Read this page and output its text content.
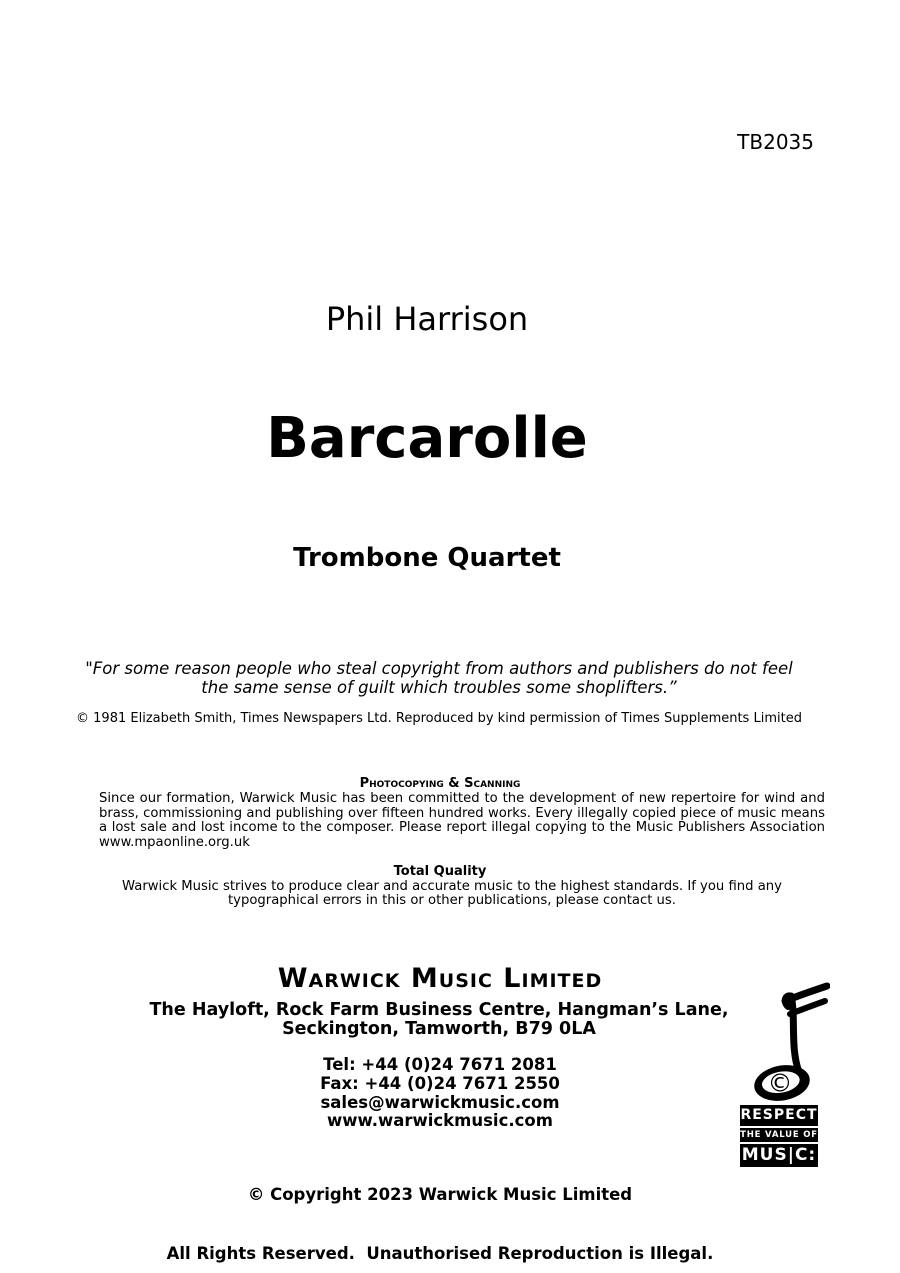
TB2035
Phil Harrison
Barcarolle
Trombone Quartet
"For some reason people who steal copyright from authors and publishers do not feel
the same sense of guilt which troubles some shoplifters.”
© 1981 Elizabeth Smith, Times Newspapers Ltd. Reproduced by kind permission of Times Supplements Limited
Photocopying & Scanning
Since our formation, Warwick Music has been committed to the development of new repertoire for wind and brass, commissioning and publishing over fifteen hundred works. Every illegally copied piece of music means a lost sale and lost income to the composer. Please report illegal copying to the Music Publishers Association www.mpaonline.org.uk
Total Quality
Warwick Music strives to produce clear and accurate music to the highest standards. If you find any typographical errors in this or other publications, please contact us.
Warwick Music Limited
The Hayloft, Rock Farm Business Centre, Hangman’s Lane,
Seckington, Tamworth, B79 0LA
Tel: +44 (0)24 7671 2081
Fax: +44 (0)24 7671 2550
sales@warwickmusic.com
www.warwickmusic.com

© Copyright 2023 Warwick Music Limited

All Rights Reserved.  Unauthorised Reproduction is Illegal.

©
RESPECT
THE VALUE OF
MUS|C:
